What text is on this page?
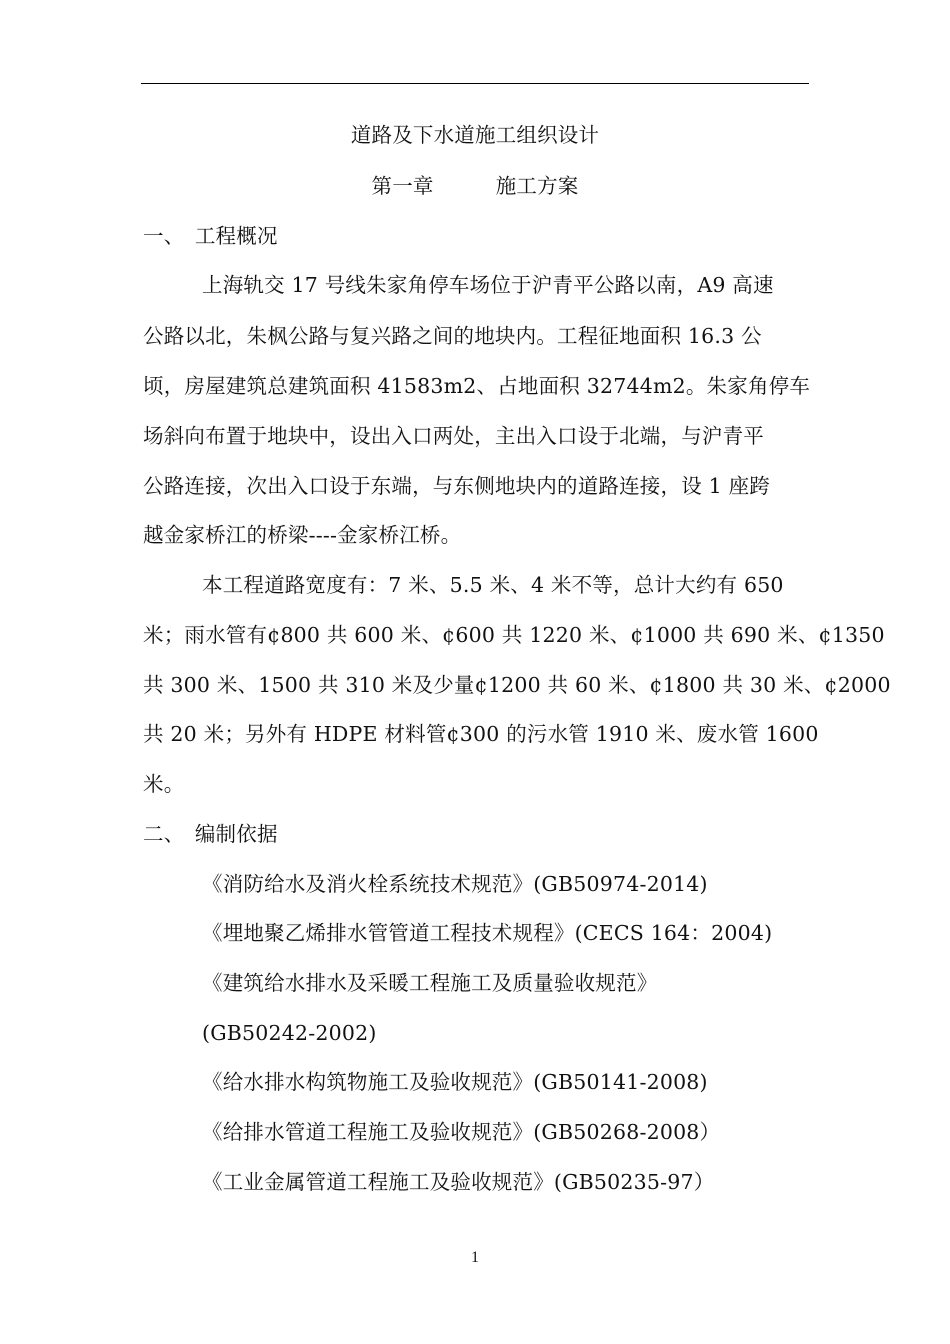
道路及下水道施工组织设计
第一章　　　施工方案
一、　工程概况
上海轨交 17 号线朱家角停车场位于沪青平公路以南，A9 高速
公路以北，朱枫公路与复兴路之间的地块内。工程征地面积 16.3 公
顷，房屋建筑总建筑面积 41583m2、占地面积 32744m2。朱家角停车
场斜向布置于地块中，设出入口两处，主出入口设于北端，与沪青平
公路连接，次出入口设于东端，与东侧地块内的道路连接，设 1 座跨
越金家桥江的桥梁----金家桥江桥。
本工程道路宽度有：7 米、5.5 米、4 米不等，总计大约有 650
米；雨水管有¢800 共 600 米、¢600 共 1220 米、¢1000 共 690 米、¢1350
共 300 米、1500 共 310 米及少量¢1200 共 60 米、¢1800 共 30 米、¢2000
共 20 米；另外有 HDPE 材料管¢300 的污水管 1910 米、废水管 1600
米。
二、　编制依据
《消防给水及消火栓系统技术规范》(GB50974-2014)
《埋地聚乙烯排水管管道工程技术规程》(CECS 164：2004)
《建筑给水排水及采暖工程施工及质量验收规范》
(GB50242-2002)
《给水排水构筑物施工及验收规范》(GB50141-2008)
《给排水管道工程施工及验收规范》(GB50268-2008）
《工业金属管道工程施工及验收规范》(GB50235-97）
1
